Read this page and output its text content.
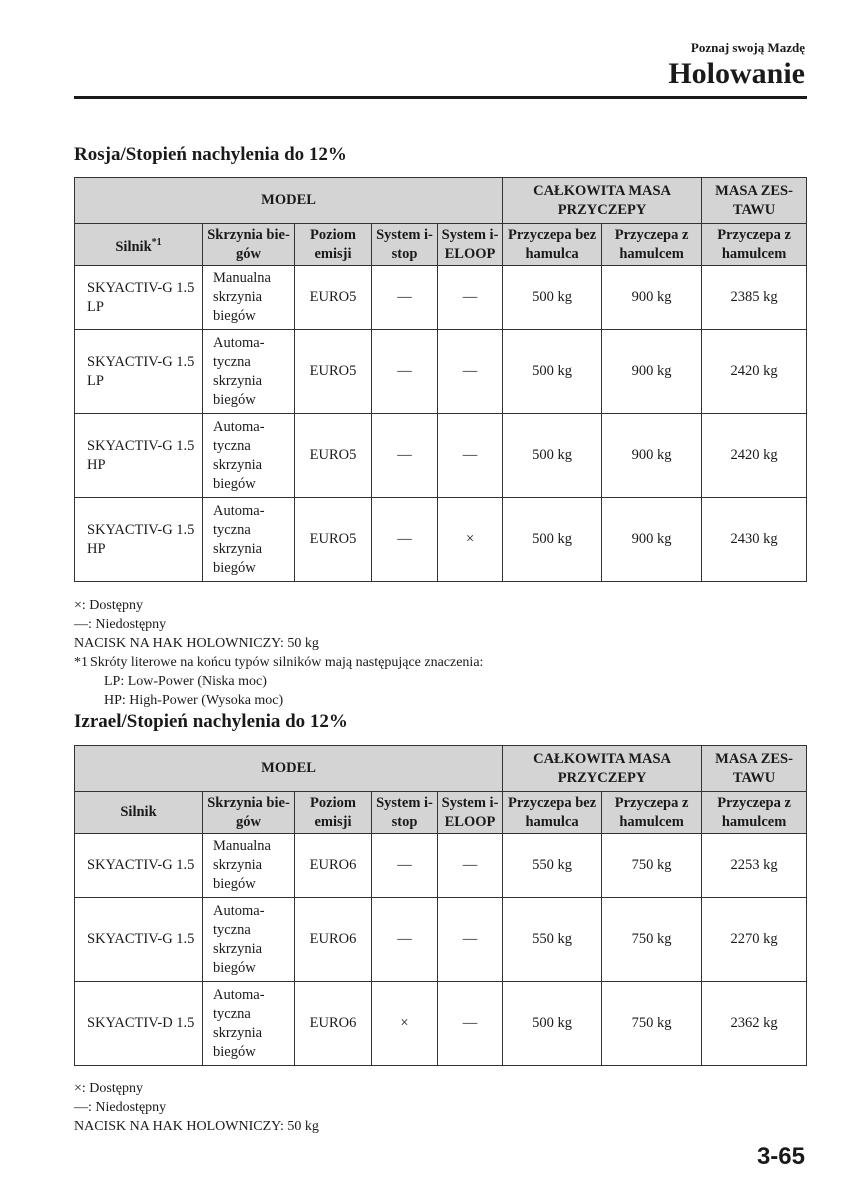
Poznaj swoją Mazdę
Holowanie
Rosja/Stopień nachylenia do 12%
MODEL					CAŁKOWITA MASA PRZYCZEPY		MASA ZES-TAWU
Silnik$^{*1}$	Skrzynia bie-gów	Poziom emisji	System i-stop	System i-ELOOP	Przyczepa bez hamulca	Przyczepa z hamulcem	Przyczepa z hamulcem
SKYACTIV-G 1.5 LP	Manualna skrzynia biegów	EURO5	—	—	500 kg	900 kg	2385 kg
SKYACTIV-G 1.5 LP	Automa-tyczna skrzynia biegów	EURO5	—	—	500 kg	900 kg	2420 kg
SKYACTIV-G 1.5 HP	Automa-tyczna skrzynia biegów	EURO5	—	—	500 kg	900 kg	2420 kg
SKYACTIV-G 1.5 HP	Automa-tyczna skrzynia biegów	EURO5	—	×	500 kg	900 kg	2430 kg
×: Dostępny
—: Niedostępny
NACISK NA HAK HOLOWNICZY: 50 kg
*1 Skróty literowe na końcu typów silników mają następujące znaczenia:
LP: Low-Power (Niska moc)
HP: High-Power (Wysoka moc)
Izrael/Stopień nachylenia do 12%
MODEL					CAŁKOWITA MASA PRZYCZEPY		MASA ZES-TAWU
Silnik	Skrzynia bie-gów	Poziom emisji	System i-stop	System i-ELOOP	Przyczepa bez hamulca	Przyczepa z hamulcem	Przyczepa z hamulcem
SKYACTIV-G 1.5	Manualna skrzynia biegów	EURO6	—	—	550 kg	750 kg	2253 kg
SKYACTIV-G 1.5	Automa-tyczna skrzynia biegów	EURO6	—	—	550 kg	750 kg	2270 kg
SKYACTIV-D 1.5	Automa-tyczna skrzynia biegów	EURO6	×	—	500 kg	750 kg	2362 kg
×: Dostępny
—: Niedostępny
NACISK NA HAK HOLOWNICZY: 50 kg
3-65
